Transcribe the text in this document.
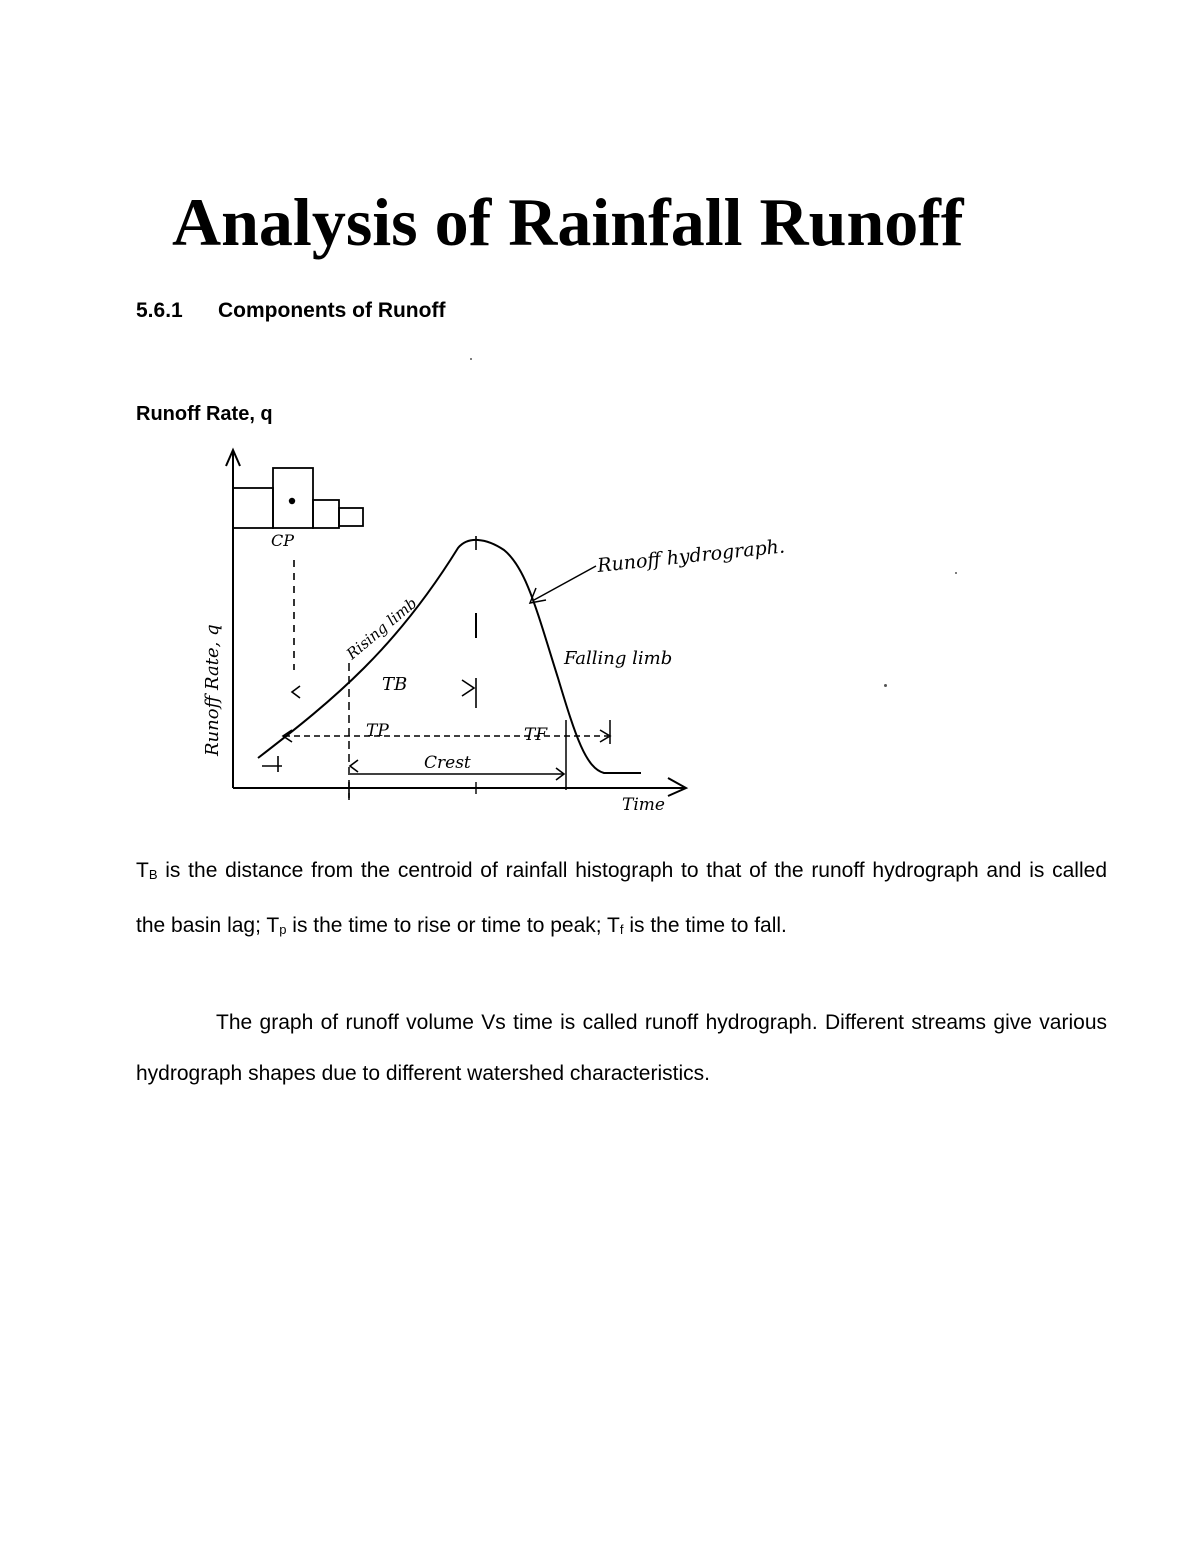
Analysis of Rainfall Runoff
5.6.1 Components of Runoff
Runoff Rate, q
CP
TB
TP	TF
Crest
Rising limb	Falling limb
Runoff hydrograph.
Runoff Rate, q
Time

TB is the distance from the centroid of rainfall histograph to that of the runoff hydrograph and is called the basin lag; Tp is the time to rise or time to peak; Tf is the time to fall.

The graph of runoff volume Vs time is called runoff hydrograph. Different streams give various hydrograph shapes due to different watershed characteristics.
